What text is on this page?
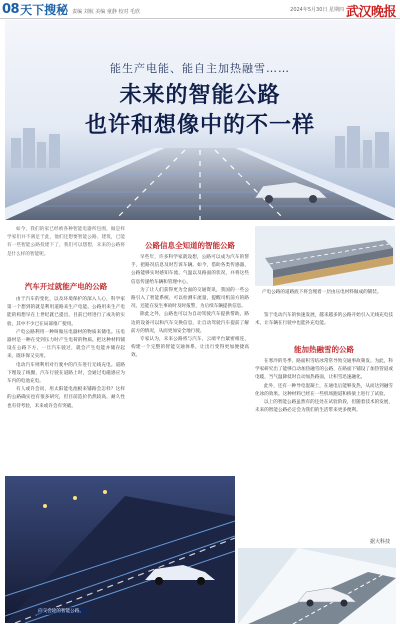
08 天下搜秘 责编 刘航 美编 童静 校对 毛欣	2024年5月30日 星期四 武汉晚报
能生产电能、能自主加热融雪……
未来的智能公路
也许和想像中的不一样

如今，我们的家已经被各种智能电器所包围，做是样学家们并不满足于此，他们还想要智能公路、建筑，已能有一些智能公路投建下了，我们可以想想，未来的公路将是什么样的智能呢。

汽车开过就能产电的公路

由于汽车的变化，以及环境保护的深入人心，科学家第一个想到的就是利用道路来生产电能。公路用来生产电能的构想早在上世纪就已提出，目前已经进行了成功的实验，其中不少已在局部推广使用。

产电公路利用一种叫做压电器材的物质来储电。压电器材是一种在受到压力时产生电荷的物质。把这种材料铺设在公路下方，一旦汽车驶过，就会产生电能并储存起来，既环保又实用。

电动汽车则利用对行驶中的汽车进行无线充电。道路下埋设了线圈，汽车行驶在道路上时，会通过电磁感应为车内的电池充电。

有人或许会问，用太阳能电池板来铺路会怎样？这样的公路确实也有很多研究，但目前造价仍然较高，耐久性也有待考验，未来或许会有突破。

向交会轮的智能公路。
公路信息全知道的智能公路

早些年，许多科学家就设想，公路可以成为汽车的帮手，把路况信息及时告诉车辆。如今，借助各类传感器，公路能够实时感知车流、气温以及路面的状况，并将这些信息传递给车辆和管理中心。

为了让人们获得更为全面的交通资讯，我国的一些公路引入了智能系统，可以检测车流量，提醒司机前方的路况，还能在发生事故时及时报警，为后续车辆提供信息。

除此之外，公路也可以为自动驾驶汽车提供帮助。路边的设备可以和汽车交换信息，让自动驾驶汽车提前了解前方的情况，从而更加安全地行驶。

专家认为，未来公路将与汽车、云端平台紧密相连，构建一个完整的智能交通体系，让出行变得更加便捷高效。

产电公路的道路底下将会埋着一层由压电材料做成的铺装。

鉴于电动汽车的快速发展，越来越多的公路开始引入无线充电技术，让车辆在行驶中也能补充电能。

能加热融雪的公路

在寒冷的冬季，路面积雪结冰常常导致交通事故频发。为此，科学家研究出了能够自动加热融雪的公路，在路面下铺设了加热管道或电缆，当气温降低时自动加热路面，让积雪迅速融化。

此外，还有一种导电混凝土，在通电后能够发热，从而达到融雪化冰的效果。这种材料已经在一些机场跑道和桥梁上进行了试验。

以上的智能公路虽然有的还处在试验阶段，但随着技术的发展，未来的智能公路必定会为我们的生活带来更多便利。

据大科技
